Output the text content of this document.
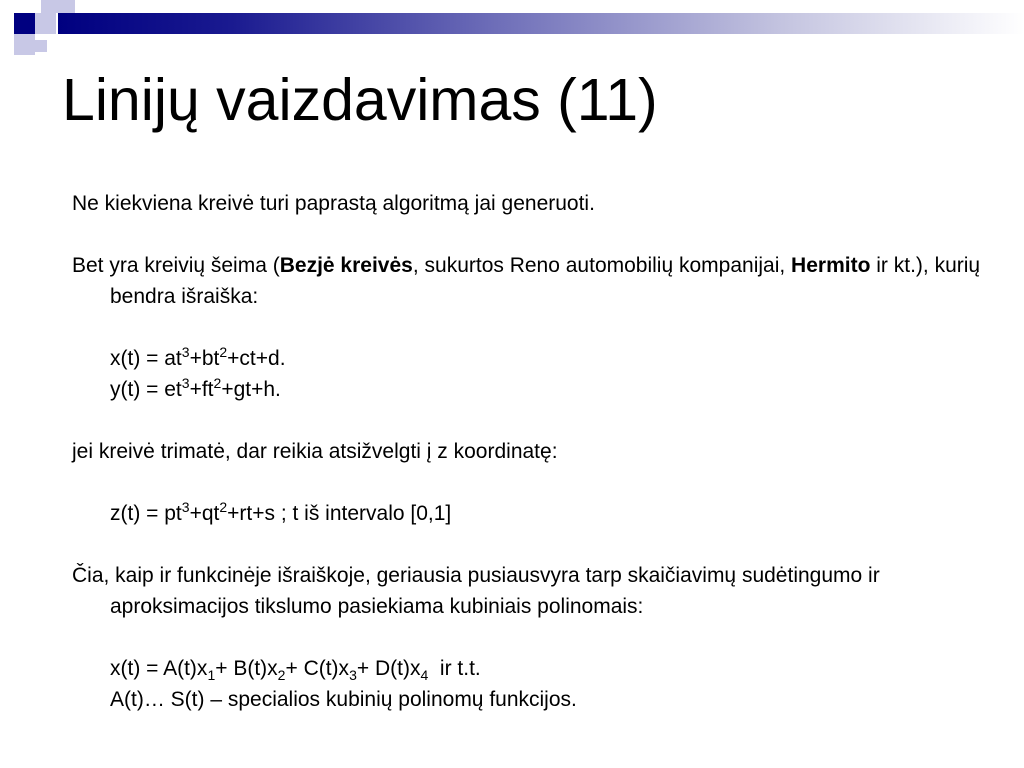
Linijų vaizdavimas (11)

Ne kiekviena kreivė turi paprastą algoritmą jai generuoti.

Bet yra kreivių šeima (Bezjė kreivės, sukurtos Reno automobilių kompanijai, Hermito ir kt.), kurių bendra išraiška:

$x(t) = at^3+bt^2+ct+d$.

$y(t) = et^3+ft^2+gt+h$.

jei kreivė trimatė, dar reikia atsižvelgti į z koordinatę:

$z(t) = pt^3+qt^2+rt+s$ ; t iš intervalo [0,1]

Čia, kaip ir funkcinėje išraiškoje, geriausia pusiausvyra tarp skaičiavimų sudėtingumo ir aproksimacijos tikslumo pasiekiama kubiniais polinomais:

$x(t) = A(t)x_1+ B(t)x_2+ C(t)x_3+ D(t)x_4$  ir t.t.

A(t)… S(t) – specialios kubinių polinomų funkcijos.
